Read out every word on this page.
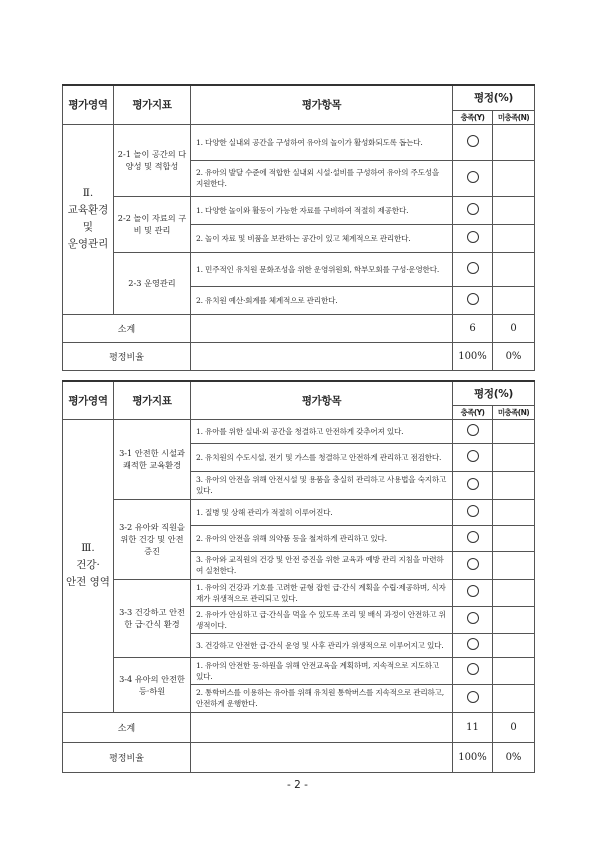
평가영역	평가지표	평가항목	평정(%)	
			충족(Y)	미충족(N)
Ⅱ.
교육환경
및
운영관리	2-1 놀이 공간의 다양성 및 적합성	1. 다양한 실내외 공간을 구성하여 유아의 놀이가 활성화되도록 돕는다.		
		2. 유아의 발달 수준에 적합한 실내외 시설·설비를 구성하여 유아의 주도성을 지원한다.		
	2-2 놀이 자료의 구비 및 관리	1. 다양한 놀이와 활동이 가능한 자료를 구비하여 적절히 제공한다.		
		2. 놀이 자료 및 비품을 보관하는 공간이 있고 체계적으로 관리한다.		
	2-3 운영관리	1. 민주적인 유치원 문화조성을 위한 운영위원회, 학부모회를 구성·운영한다.		
		2. 유치원 예산·회계를 체계적으로 관리한다.		
소계			6	0
평정비율			100%	0%
평가영역	평가지표	평가항목	평정(%)	
			충족(Y)	미충족(N)
Ⅲ.
건강·
안전 영역	3-1 안전한 시설과 쾌적한 교육환경	1. 유아를 위한 실내·외 공간을 청결하고 안전하게 갖추어져 있다.		
		2. 유치원의 수도시설, 전기 및 가스를 청결하고 안전하게 관리하고 점검한다.		
		3. 유아의 안전을 위해 안전시설 및 용품을 충실히 관리하고 사용법을 숙지하고 있다.		
	3-2 유아와 직원을 위한 건강 및 안전 증진	1. 질병 및 상해 관리가 적절히 이루어진다.		
		2. 유아의 안전을 위해 의약품 등을 철저하게 관리하고 있다.		
		3. 유아와 교직원의 건강 및 안전 증진을 위한 교육과 예방 관리 지침을 마련하여 실천한다.		
	3-3 건강하고 안전한 급·간식 환경	1. 유아의 건강과 기호를 고려한 균형 잡힌 급·간식 계획을 수립·제공하며, 식자재가 위생적으로 관리되고 있다.		
		2. 유아가 안심하고 급·간식을 먹을 수 있도록 조리 및 배식 과정이 안전하고 위생적이다.		
		3. 건강하고 안전한 급·간식 운영 및 사후 관리가 위생적으로 이루어지고 있다.		
	3-4 유아의 안전한 등·하원	1. 유아의 안전한 등·하원을 위해 안전교육을 계획하며, 지속적으로 지도하고 있다.		
		2. 통학버스를 이용하는 유아를 위해 유치원 통학버스를 지속적으로 관리하고, 안전하게 운행한다.		
소계			11	0
평정비율			100%	0%
- 2 -
